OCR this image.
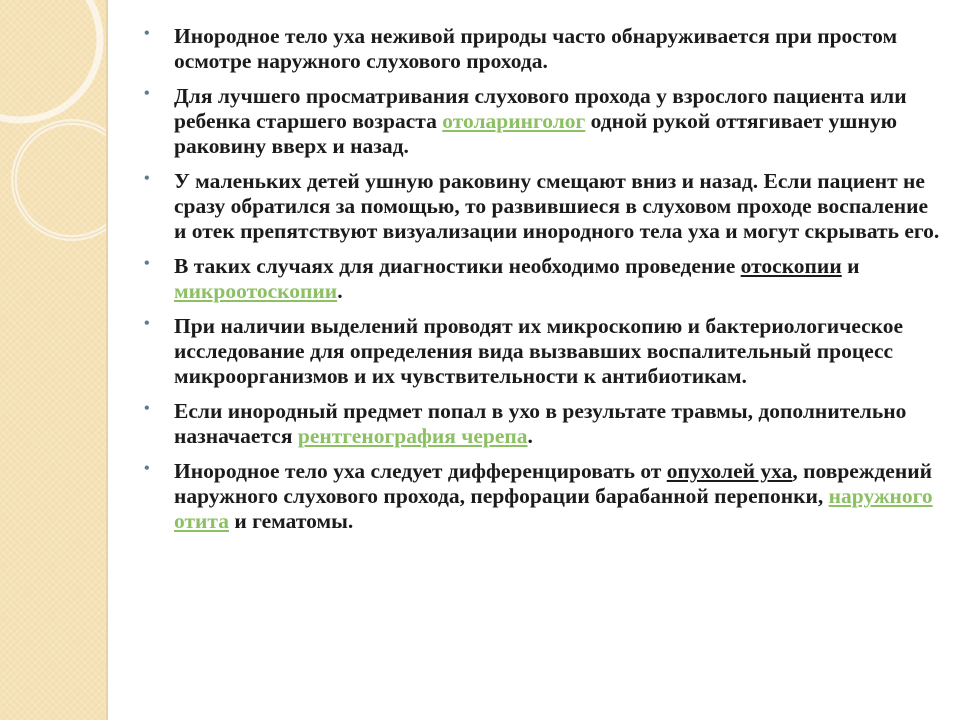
• Инородное тело уха неживой природы часто обнаруживается при простом осмотре наружного слухового прохода.
• Для лучшего просматривания слухового прохода у взрослого пациента или ребенка старшего возраста отоларинголог одной рукой оттягивает ушную раковину вверх и назад.
• У маленьких детей ушную раковину смещают вниз и назад. Если пациент не сразу обратился за помощью, то развившиеся в слуховом проходе воспаление и отек препятствуют визуализации инородного тела уха и могут скрывать его.
• В таких случаях для диагностики необходимо проведение отоскопии и микроотоскопии.
• При наличии выделений проводят их микроскопию и бактериологическое исследование для определения вида вызвавших воспалительный процесс микроорганизмов и их чувствительности к антибиотикам.
• Если инородный предмет попал в ухо в результате травмы, дополнительно назначается рентгенография черепа.
• Инородное тело уха следует дифференцировать от опухолей уха, повреждений наружного слухового прохода, перфорации барабанной перепонки, наружного отита и гематомы.
